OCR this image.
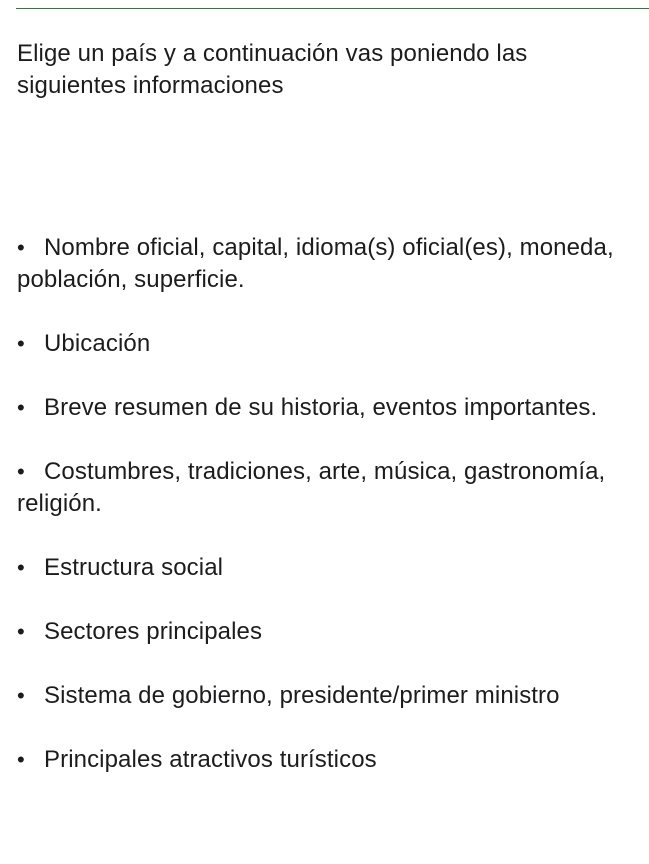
Elige un país y a continuación vas poniendo las siguientes informaciones

• Nombre oficial, capital, idioma(s) oficial(es), moneda, población, superficie.
• Ubicación
• Breve resumen de su historia, eventos importantes.
• Costumbres, tradiciones, arte, música, gastronomía, religión.
• Estructura social
• Sectores principales
• Sistema de gobierno, presidente/primer ministro
• Principales atractivos turísticos
